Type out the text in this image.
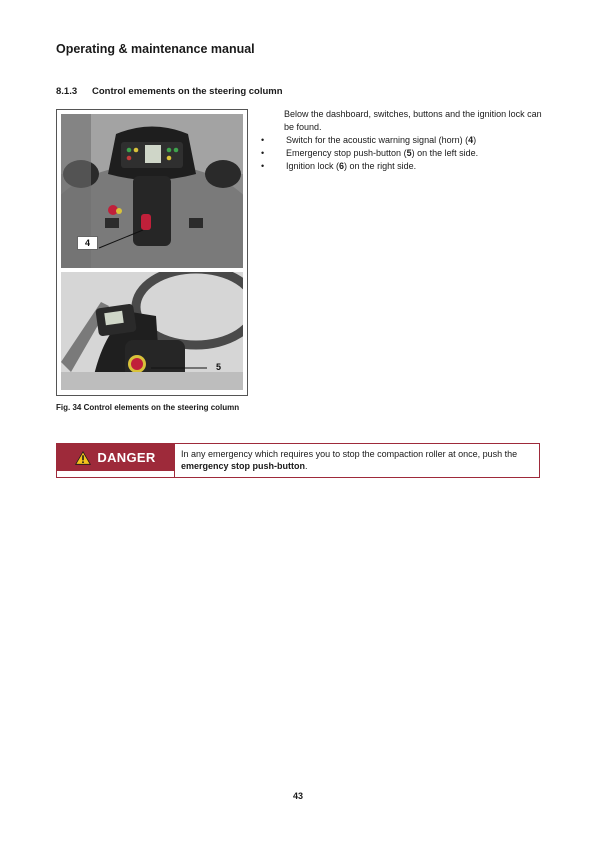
Operating & maintenance manual
8.1.3 Control emements on the steering column
4
5
Fig. 34 Control elements on the steering column

Below the dashboard, switches, buttons and the ignition lock can be found.

• Switch for the acoustic warning signal (horn) (4)
• Emergency stop push-button (5) on the left side.
• Ignition lock (6) on the right side.
DANGER	In any emergency which requires you to stop the compaction roller at once, push the emergency stop push-button.
43
